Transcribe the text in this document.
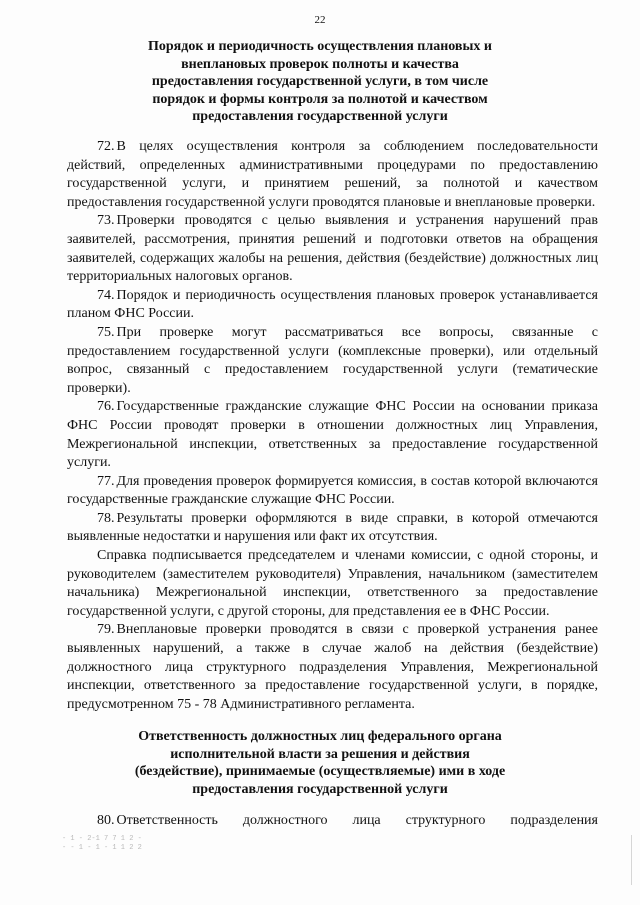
22
Порядок и периодичность осуществления плановых и
внеплановых проверок полноты и качества
предоставления государственной услуги, в том числе
порядок и формы контроля за полнотой и качеством
предоставления государственной услуги

72. В целях осуществления контроля за соблюдением последовательности действий, определенных административными процедурами по предоставлению государственной услуги, и принятием решений, за полнотой и качеством предоставления государственной услуги проводятся плановые и внеплановые проверки.

73. Проверки проводятся с целью выявления и устранения нарушений прав заявителей, рассмотрения, принятия решений и подготовки ответов на обращения заявителей, содержащих жалобы на решения, действия (бездействие) должностных лиц территориальных налоговых органов.

74. Порядок и периодичность осуществления плановых проверок устанавливается планом ФНС России.

75. При проверке могут рассматриваться все вопросы, связанные с предоставлением государственной услуги (комплексные проверки), или отдельный вопрос, связанный с предоставлением государственной услуги (тематические проверки).

76. Государственные гражданские служащие ФНС России на основании приказа ФНС России проводят проверки в отношении должностных лиц Управления, Межрегиональной инспекции, ответственных за предоставление государственной услуги.

77. Для проведения проверок формируется комиссия, в состав которой включаются государственные гражданские служащие ФНС России.

78. Результаты проверки оформляются в виде справки, в которой отмечаются выявленные недостатки и нарушения или факт их отсутствия.

Справка подписывается председателем и членами комиссии, с одной стороны, и руководителем (заместителем руководителя) Управления, начальником (заместителем начальника) Межрегиональной инспекции, ответственного за предоставление государственной услуги, с другой стороны, для представления ее в ФНС России.

79. Внеплановые проверки проводятся в связи с проверкой устранения ранее выявленных нарушений, а также в случае жалоб на действия (бездействие) должностного лица структурного подразделения Управления, Межрегиональной инспекции, ответственного за предоставление государственной услуги, в порядке, предусмотренном 75 - 78 Административного регламента.

Ответственность должностных лиц федерального органа
исполнительной власти за решения и действия
(бездействие), принимаемые (осуществляемые) ими в ходе
предоставления государственной услуги

80. Ответственность должностного лица структурного подразделения

- 1 - 2-1 7 7 1 2 -
- - 1 - 1 - 1 1 2 2
